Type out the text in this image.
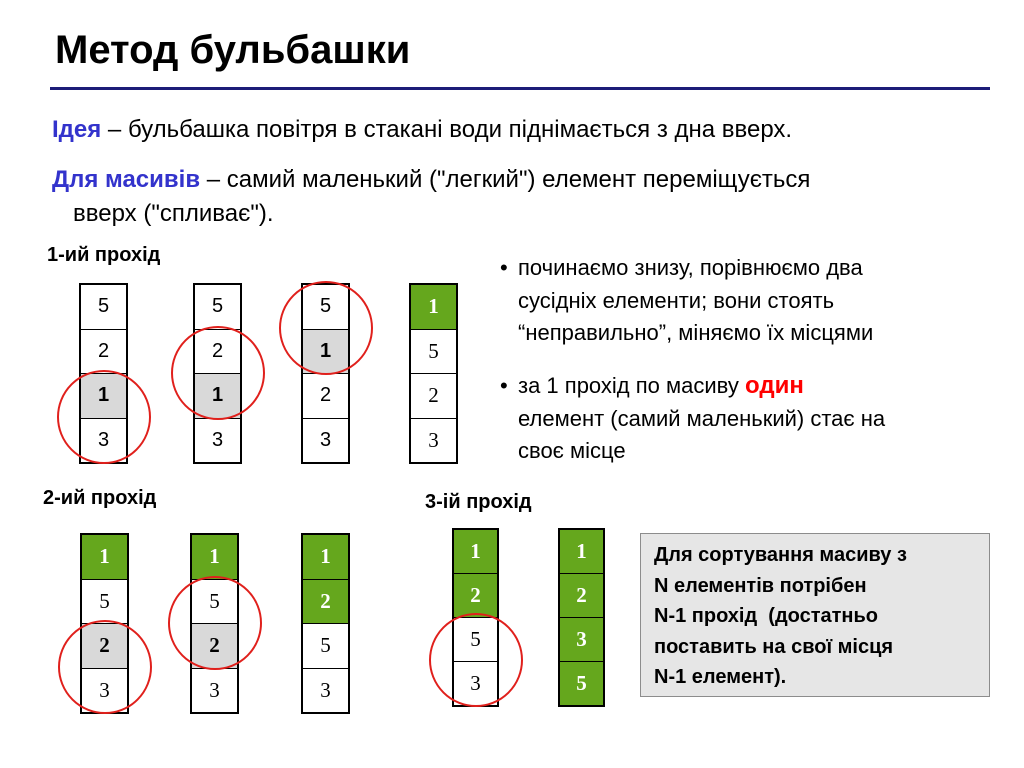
Метод бульбашки
Ідея – бульбашка повітря в стакані води піднімається з дна вверх.
Для масивів – самий маленький ("легкий") елемент переміщується
вверх ("спливає").
1-ий прохід
2-ий прохід	3-ій прохід
5
2
1
3
5
2
1
3
5
1
2
3
1
5
2
3
1
5
2
3
1
5
2
3
1
2
5
3
1
2
5
3
1
2
3
5
• починаємо знизу, порівнюємо два
сусідніх елементи; вони стоять
“неправильно”, міняємо їх місцями
• за 1 прохід по масиву один
елемент (самий маленький) стає на
своє місце
Для сортування масиву з
N елементів потрібен
N-1 прохід  (достатньо
поставить на свої місця
N-1 елемент).
